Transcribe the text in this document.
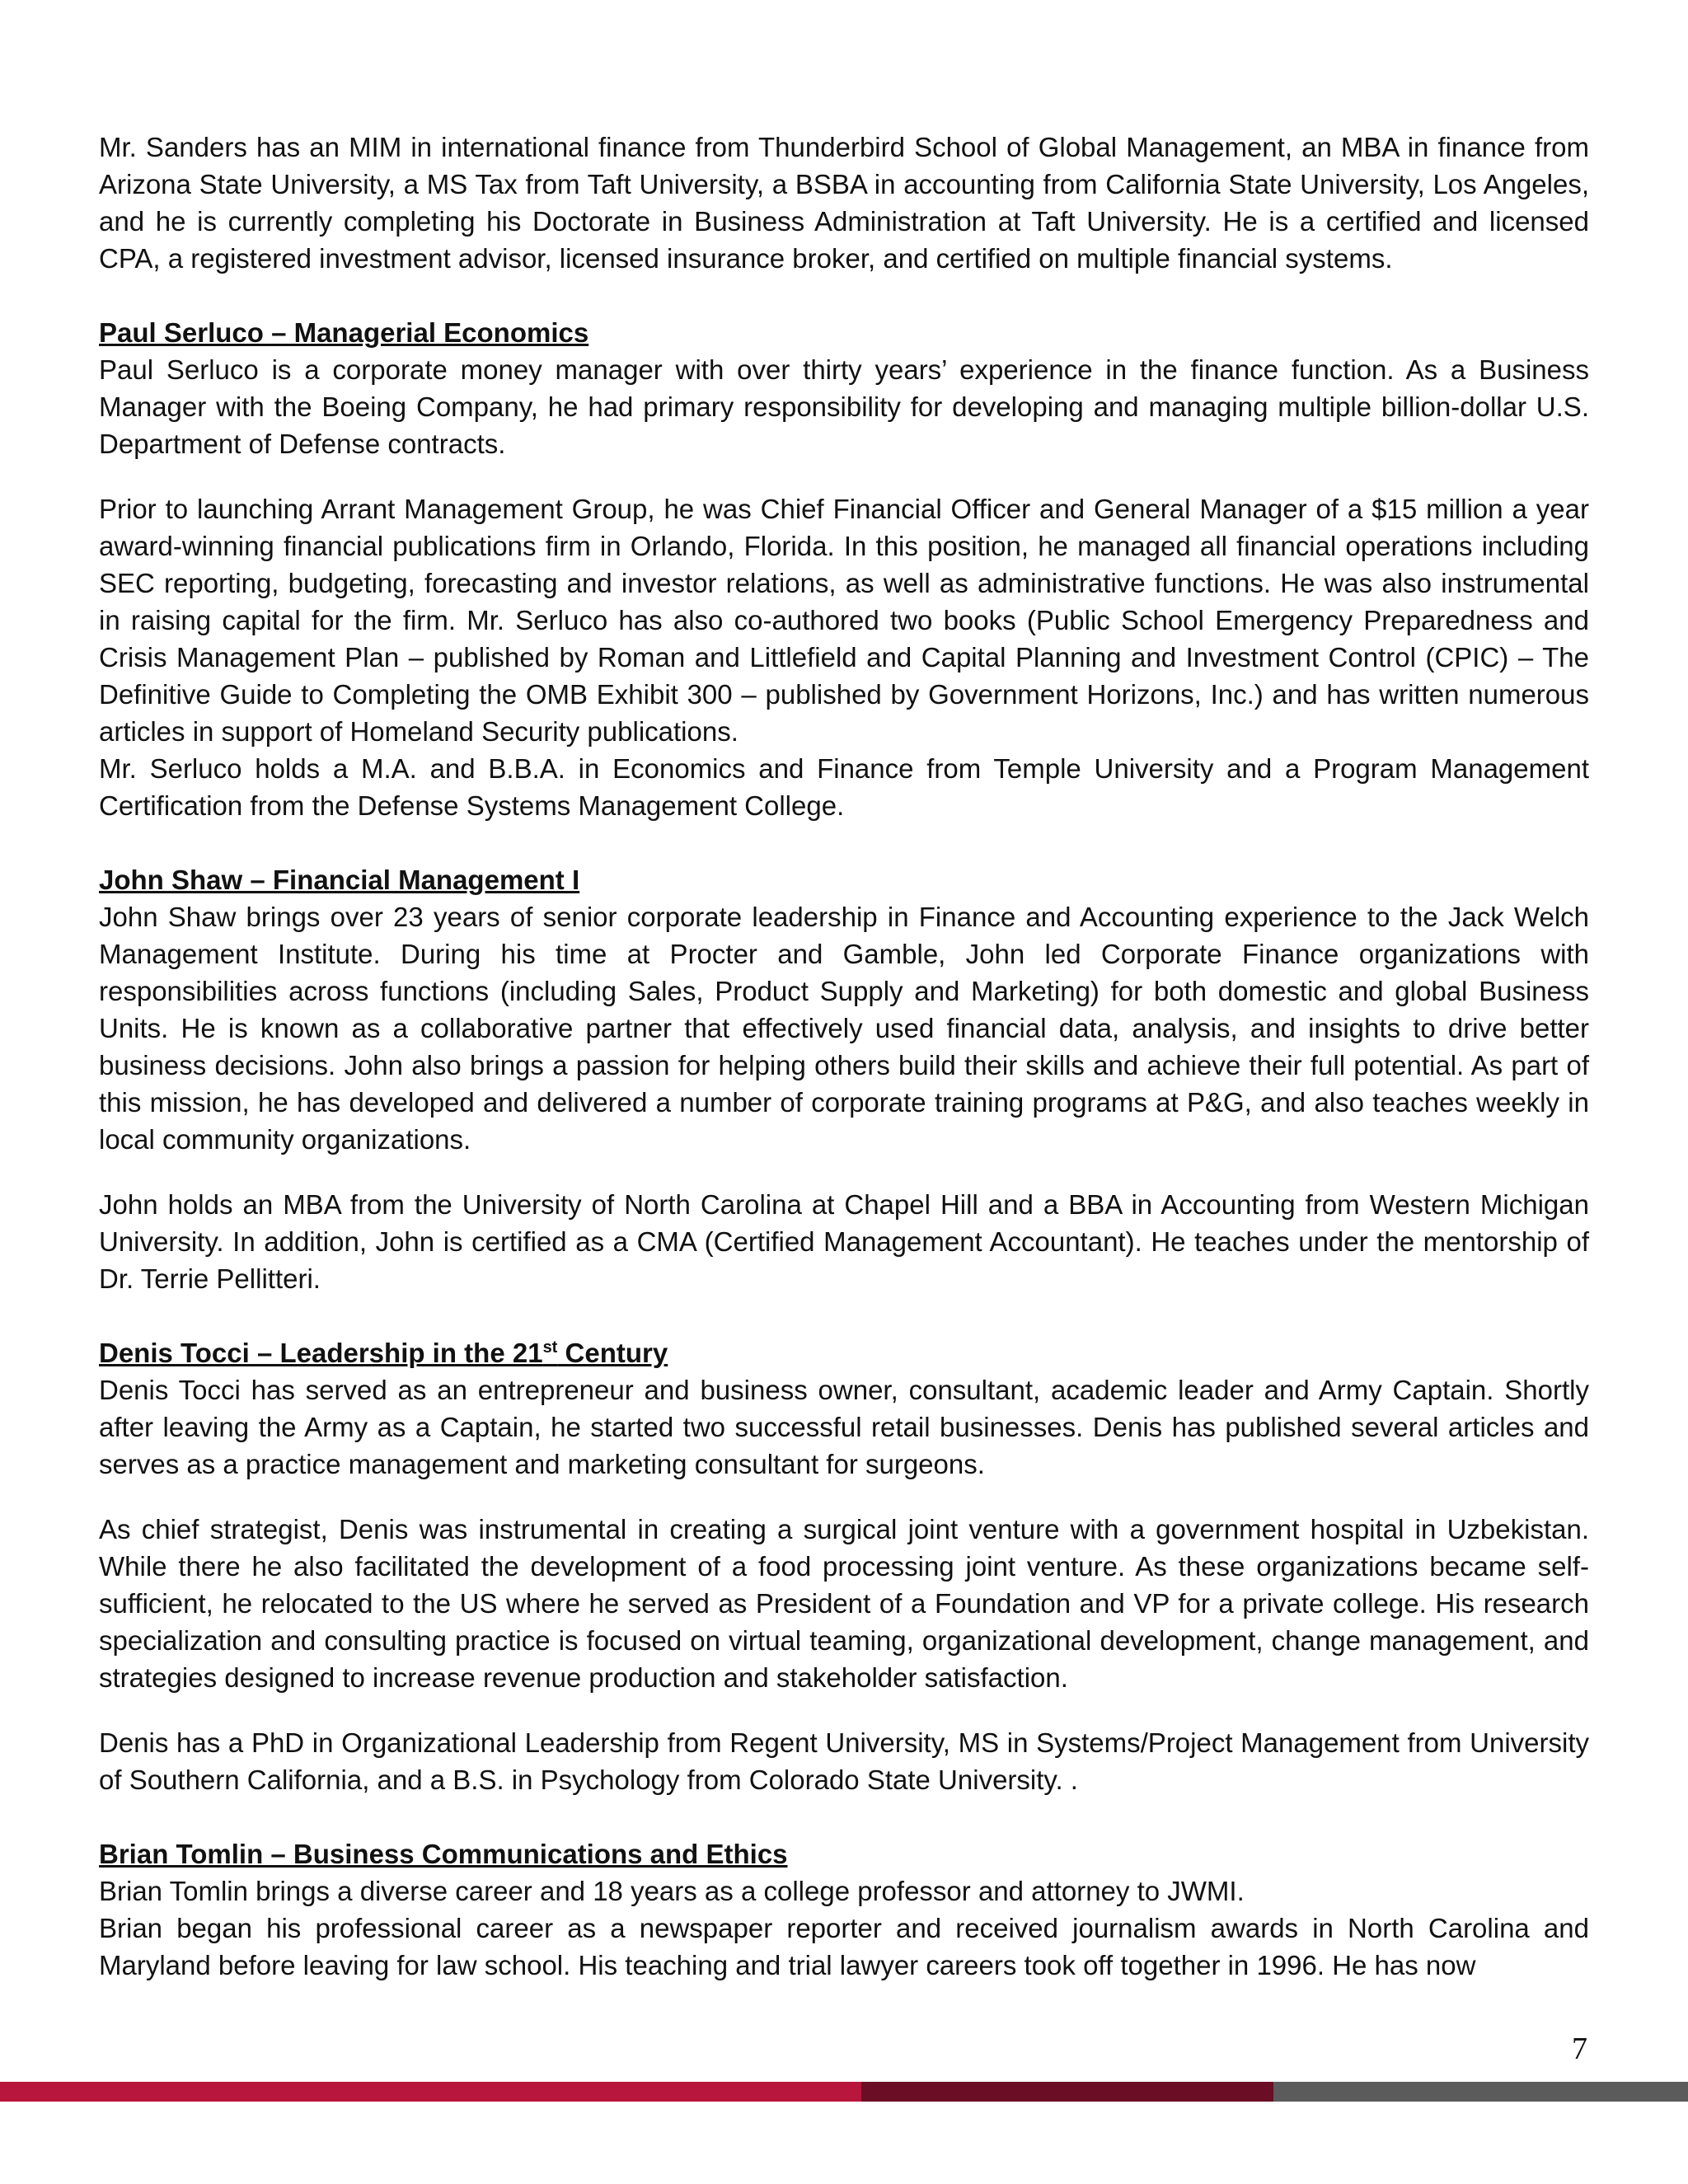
Mr. Sanders has an MIM in international finance from Thunderbird School of Global Management, an MBA in finance from Arizona State University, a MS Tax from Taft University, a BSBA in accounting from California State University, Los Angeles, and he is currently completing his Doctorate in Business Administration at Taft University. He is a certified and licensed CPA, a registered investment advisor, licensed insurance broker, and certified on multiple financial systems.

Paul Serluco – Managerial Economics

Paul Serluco is a corporate money manager with over thirty years’ experience in the finance function. As a Business Manager with the Boeing Company, he had primary responsibility for developing and managing multiple billion-dollar U.S. Department of Defense contracts.

Prior to launching Arrant Management Group, he was Chief Financial Officer and General Manager of a $15 million a year award-winning financial publications firm in Orlando, Florida. In this position, he managed all financial operations including SEC reporting, budgeting, forecasting and investor relations, as well as administrative functions. He was also instrumental in raising capital for the firm. Mr. Serluco has also co-authored two books (Public School Emergency Preparedness and Crisis Management Plan – published by Roman and Littlefield and Capital Planning and Investment Control (CPIC) – The Definitive Guide to Completing the OMB Exhibit 300 – published by Government Horizons, Inc.) and has written numerous articles in support of Homeland Security publications.

Mr. Serluco holds a M.A. and B.B.A. in Economics and Finance from Temple University and a Program Management Certification from the Defense Systems Management College.

John Shaw – Financial Management I

John Shaw brings over 23 years of senior corporate leadership in Finance and Accounting experience to the Jack Welch Management Institute. During his time at Procter and Gamble, John led Corporate Finance organizations with responsibilities across functions (including Sales, Product Supply and Marketing) for both domestic and global Business Units. He is known as a collaborative partner that effectively used financial data, analysis, and insights to drive better business decisions. John also brings a passion for helping others build their skills and achieve their full potential. As part of this mission, he has developed and delivered a number of corporate training programs at P&G, and also teaches weekly in local community organizations.

John holds an MBA from the University of North Carolina at Chapel Hill and a BBA in Accounting from Western Michigan University. In addition, John is certified as a CMA (Certified Management Accountant). He teaches under the mentorship of Dr. Terrie Pellitteri.

Denis Tocci – Leadership in the 21st Century

Denis Tocci has served as an entrepreneur and business owner, consultant, academic leader and Army Captain. Shortly after leaving the Army as a Captain, he started two successful retail businesses. Denis has published several articles and serves as a practice management and marketing consultant for surgeons.

As chief strategist, Denis was instrumental in creating a surgical joint venture with a government hospital in Uzbekistan. While there he also facilitated the development of a food processing joint venture. As these organizations became self-sufficient, he relocated to the US where he served as President of a Foundation and VP for a private college. His research specialization and consulting practice is focused on virtual teaming, organizational development, change management, and strategies designed to increase revenue production and stakeholder satisfaction.

Denis has a PhD in Organizational Leadership from Regent University, MS in Systems/Project Management from University of Southern California, and a B.S. in Psychology from Colorado State University. .

Brian Tomlin – Business Communications and Ethics

Brian Tomlin brings a diverse career and 18 years as a college professor and attorney to JWMI.

Brian began his professional career as a newspaper reporter and received journalism awards in North Carolina and Maryland before leaving for law school. His teaching and trial lawyer careers took off together in 1996. He has now

7
